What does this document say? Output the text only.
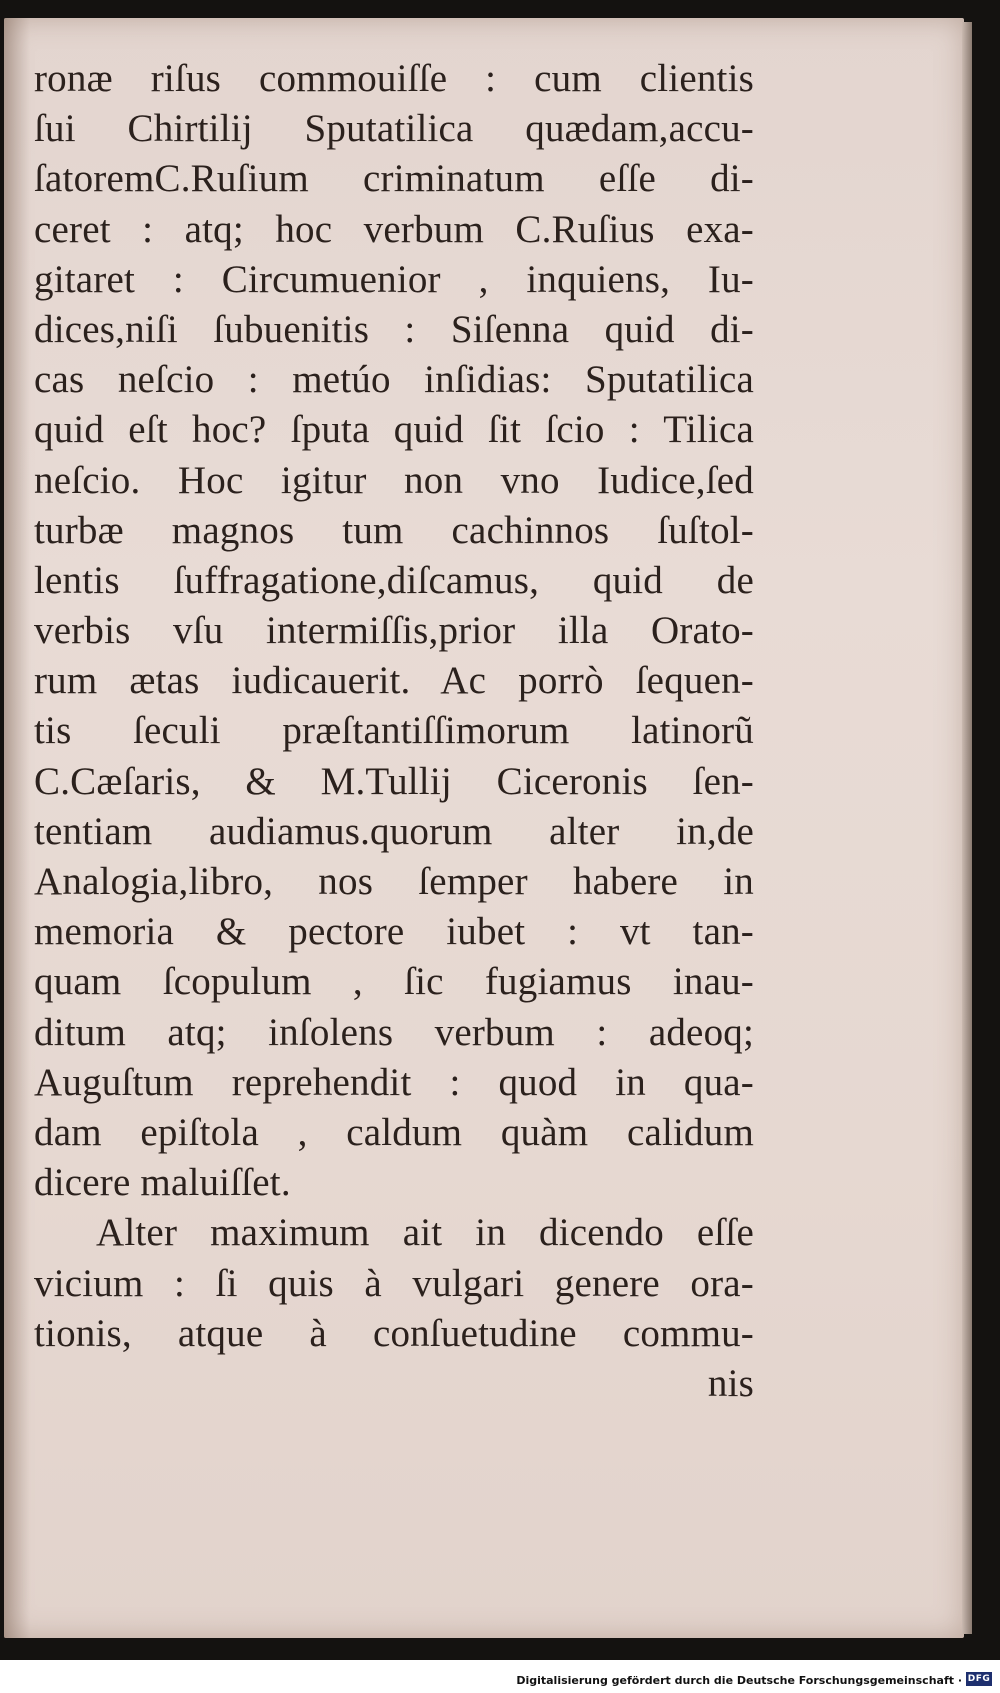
ronæ riſus commouiſſe : cum clientis
ſui Chirtilij Sputatilica quædam,accu-
ſatoremC.Ruſium criminatum eſſe di-
ceret : atq; hoc verbum C.Ruſius exa-
gitaret : Circumuenior , inquiens, Iu-
dices,niſi ſubuenitis : Siſenna quid di-
cas neſcio : metúo inſidias: Sputatilica
quid eſt hoc? ſputa quid ſit ſcio : Tilica
neſcio. Hoc igitur non vno Iudice,ſed
turbæ magnos tum cachinnos ſuſtol-
lentis ſuffragatione,diſcamus, quid de
verbis vſu intermiſſis,prior illa Orato-
rum ætas iudicauerit. Ac porrò ſequen-
tis ſeculi præſtantiſſimorum latinorũ
C.Cæſaris, & M.Tullij Ciceronis ſen-
tentiam audiamus.quorum alter in,de
Analogia,libro, nos ſemper habere in
memoria & pectore iubet : vt tan-
quam ſcopulum , ſic fugiamus inau-
ditum atq; inſolens verbum : adeoq;
Auguſtum reprehendit : quod in qua-
dam epiſtola , caldum quàm calidum
dicere maluiſſet.
Alter maximum ait in dicendo eſſe
vicium : ſi quis à vulgari genere ora-
tionis, atque à conſuetudine commu-
nis
Digitalisierung gefördert durch die Deutsche Forschungsgemeinschaft · DFG
